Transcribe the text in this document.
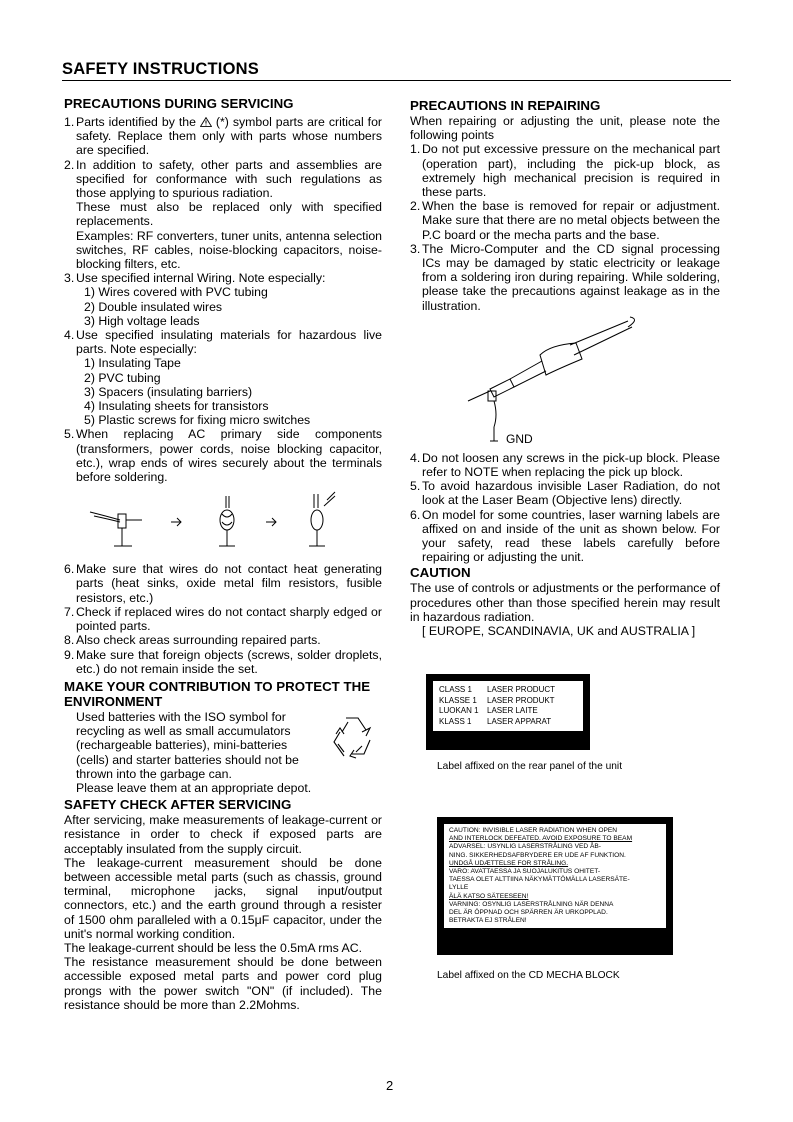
SAFETY INSTRUCTIONS
PRECAUTIONS DURING SERVICING
1. Parts identified by the (*) symbol parts are critical for safety. Replace them only with parts whose numbers are specified.
2. In addition to safety, other parts and assemblies are specified for conformance with such regulations as those applying to spurious radiation.
These must also be replaced only with specified replacements.
Examples: RF converters, tuner units, antenna selection switches, RF cables, noise-blocking capacitors, noise-blocking filters, etc.
3. Use specified internal Wiring. Note especially:
1) Wires covered with PVC tubing
2) Double insulated wires
3) High voltage leads
4. Use specified insulating materials for hazardous live parts. Note especially:
1) Insulating Tape
2) PVC tubing
3) Spacers (insulating barriers)
4) Insulating sheets for transistors
5) Plastic screws for fixing micro switches
5. When replacing AC primary side components (transformers, power cords, noise blocking capacitor, etc.), wrap ends of wires securely about the terminals before soldering.
6. Make sure that wires do not contact heat generating parts (heat sinks, oxide metal film resistors, fusible resistors, etc.)
7. Check if replaced wires do not contact sharply edged or pointed parts.
8. Also check areas surrounding repaired parts.
9. Make sure that foreign objects (screws, solder droplets, etc.) do not remain inside the set.
MAKE YOUR CONTRIBUTION TO PROTECT THE ENVIRONMENT
Used batteries with the ISO symbol for recycling as well as small accumulators (rechargeable batteries), mini-batteries (cells) and starter batteries should not be thrown into the garbage can.
Please leave them at an appropriate depot.
SAFETY CHECK AFTER SERVICING
After servicing, make measurements of leakage-current or resistance in order to check if exposed parts are acceptably insulated from the supply circuit.
The leakage-current measurement should be done between accessible metal parts (such as chassis, ground terminal, microphone jacks, signal input/output connectors, etc.) and the earth ground through a resister of 1500 ohm paralleled with a 0.15μF capacitor, under the unit's normal working condition.
The leakage-current should be less the 0.5mA rms AC.
The resistance measurement should be done between accessible exposed metal parts and power cord plug prongs with the power switch "ON" (if included). The resistance should be more than 2.2Mohms.
PRECAUTIONS IN REPAIRING
When repairing or adjusting the unit, please note the following points
1. Do not put excessive pressure on the mechanical part (operation part), including the pick-up block, as extremely high mechanical precision is required in these parts.
2. When the base is removed for repair or adjustment. Make sure that there are no metal objects between the P.C board or the mecha parts and the base.
3. The Micro-Computer and the CD signal processing ICs may be damaged by static electricity or leakage from a soldering iron during repairing. While soldering, please take the precautions against leakage as in the illustration.
GND
4. Do not loosen any screws in the pick-up block. Please refer to NOTE when replacing the pick up block.
5. To avoid hazardous invisible Laser Radiation, do not look at the Laser Beam (Objective lens) directly.
6. On model for some countries, laser warning labels are affixed on and inside of the unit as shown below. For your safety, read these labels carefully before repairing or adjusting the unit.
CAUTION
The use of controls or adjustments or the performance of procedures other than those specified herein may result in hazardous radiation.
[ EUROPE, SCANDINAVIA, UK and AUSTRALIA ]
CLASS 1	LASER PRODUCT
KLASSE 1	LASER PRODUKT
LUOKAN 1	LASER LAITE
KLASS 1	LASER APPARAT
Label affixed on the rear panel of the unit
CAUTION: INVISIBLE LASER RADIATION WHEN OPEN
AND INTERLOCK DEFEATED. AVOID EXPOSURE TO BEAM
ADVARSEL: USYNLIG LASERSTRÅLING VED ÅB-
NING. SIKKERHEDSAFBRYDERE ER UDE AF FUNKTION.
UNDGÅ UDÆTTELSE FOR STRÅLING.
VARO: AVATTAESSA JA SUOJALUKITUS OHITET-
TAESSA OLET ALTTIINA NÄKYMÄTTÖMÄLLA LASERSÄTE-
LYLLE
ÄLÄ KATSO SÄTEESEEN!
VARNING: OSYNLIG LASERSTRÅLNING NÄR DENNA
DEL ÄR ÖPPNAD OCH SPÄRREN ÄR URKOPPLAD.
BETRAKTA EJ STRÅLEN!
Label affixed on the CD MECHA BLOCK
2
